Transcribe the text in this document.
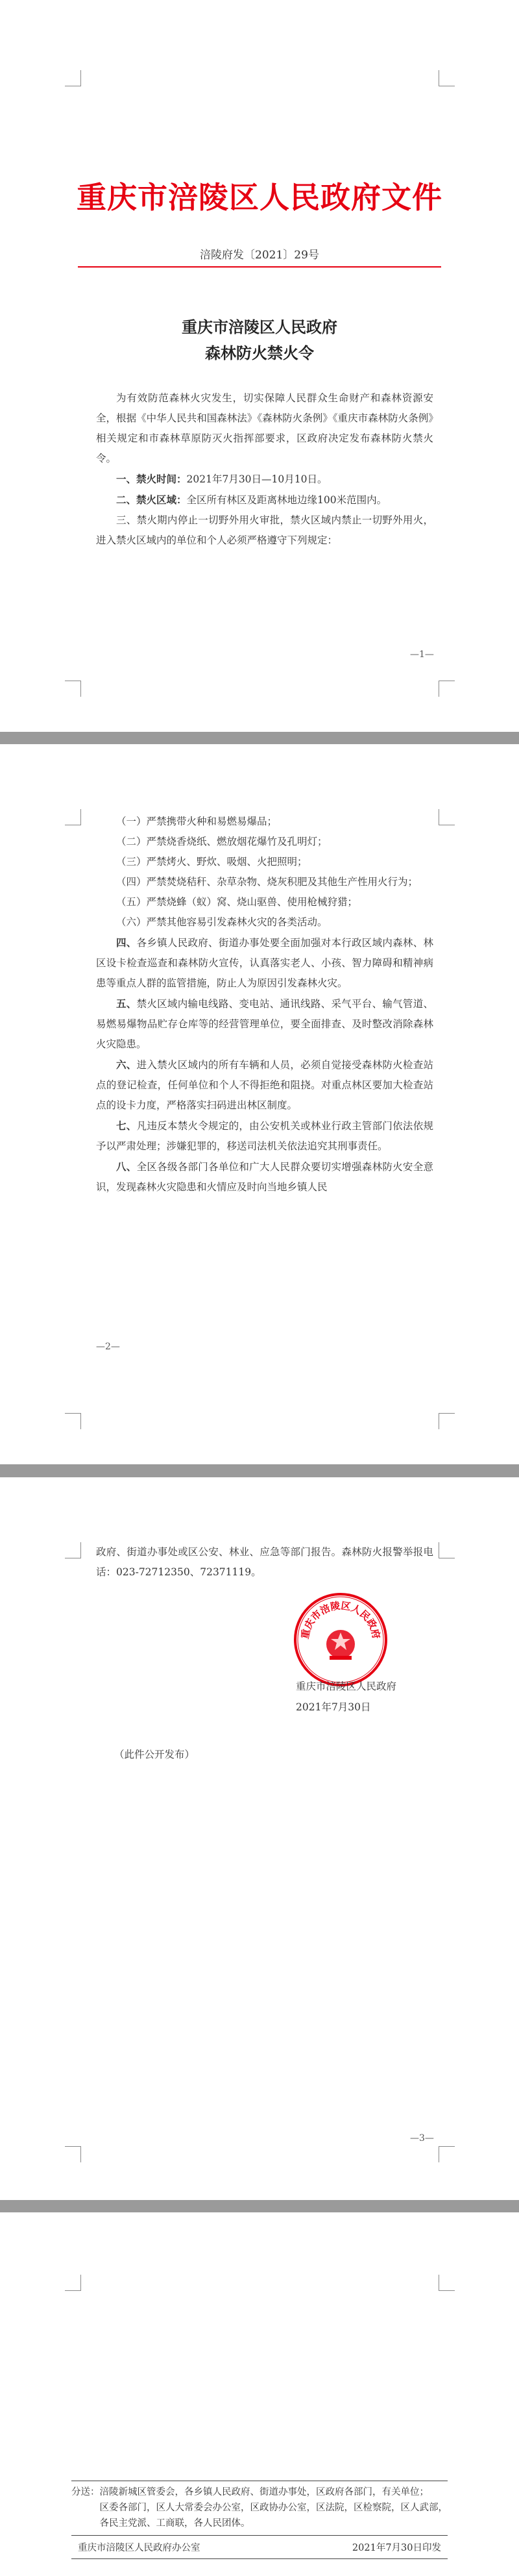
重庆市涪陵区人民政府文件
涪陵府发〔2021〕29号
重庆市涪陵区人民政府
森林防火禁火令

为有效防范森林火灾发生，切实保障人民群众生命财产和森林资源安全，根据《中华人民共和国森林法》《森林防火条例》《重庆市森林防火条例》相关规定和市森林草原防灭火指挥部要求，区政府决定发布森林防火禁火令。

一、禁火时间：2021年7月30日—10月10日。

二、禁火区域：全区所有林区及距离林地边缘100米范围内。

三、禁火期内停止一切野外用火审批，禁火区域内禁止一切野外用火，进入禁火区域内的单位和个人必须严格遵守下列规定：

—1—

（一）严禁携带火种和易燃易爆品；

（二）严禁烧香烧纸、燃放烟花爆竹及孔明灯；

（三）严禁烤火、野炊、吸烟、火把照明；

（四）严禁焚烧秸秆、杂草杂物、烧灰积肥及其他生产性用火行为；

（五）严禁烧蜂（蚁）窝、烧山驱兽、使用枪械狩猎；

（六）严禁其他容易引发森林火灾的各类活动。

四、各乡镇人民政府、街道办事处要全面加强对本行政区域内森林、林区设卡检查巡查和森林防火宣传，认真落实老人、小孩、智力障碍和精神病患等重点人群的监管措施，防止人为原因引发森林火灾。

五、禁火区域内输电线路、变电站、通讯线路、采气平台、输气管道、易燃易爆物品贮存仓库等的经营管理单位，要全面排查、及时整改消除森林火灾隐患。

六、进入禁火区域内的所有车辆和人员，必须自觉接受森林防火检查站点的登记检查，任何单位和个人不得拒绝和阻挠。对重点林区要加大检查站点的设卡力度，严格落实扫码进出林区制度。

七、凡违反本禁火令规定的，由公安机关或林业行政主管部门依法依规予以严肃处理；涉嫌犯罪的，移送司法机关依法追究其刑事责任。

八、全区各级各部门各单位和广大人民群众要切实增强森林防火安全意识，发现森林火灾隐患和火情应及时向当地乡镇人民

—2—

政府、街道办事处或区公安、林业、应急等部门报告。森林防火报警举报电话：023-72712350、72371119。

—3—
重庆市涪陵区人民政府
重庆市涪陵区人民政府
2021年7月30日
（此件公开发布）
分送：涪陵新城区管委会，各乡镇人民政府、街道办事处，区政府各部门，有关单位；
区委各部门，区人大常委会办公室，区政协办公室，区法院，区检察院，区人武部，各民主党派、工商联，各人民团体。
重庆市涪陵区人民政府办公室	2021年7月30日印发
